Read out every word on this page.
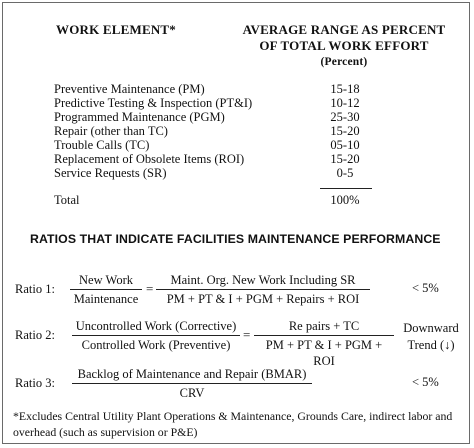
WORK ELEMENT*	AVERAGE RANGE AS PERCENT
OF TOTAL WORK EFFORT
(Percent)
Preventive Maintenance (PM)	15-18
Predictive Testing & Inspection (PT&I)	10-12
Programmed Maintenance (PGM)	25-30
Repair (other than TC)	15-20
Trouble Calls (TC)	05-10
Replacement of Obsolete Items (ROI)	15-20
Service Requests (SR)	0-5
Total	100%
RATIOS THAT INDICATE FACILITIES MAINTENANCE PERFORMANCE
Ratio 1:
New Work
Maintenance
=
Maint. Org. New Work Including SR
PM + PT & I + PGM + Repairs + ROI
< 5%
Ratio 2:
Uncontrolled Work (Corrective)
Controlled Work (Preventive)
=
Re pairs + TC
PM + PT & I + PGM + ROI
Downward
Trend (↓)
Ratio 3:
Backlog of Maintenance and Repair (BMAR)
CRV
< 5%
*Excludes Central Utility Plant Operations & Maintenance, Grounds Care, indirect labor and overhead (such as supervision or P&E)
